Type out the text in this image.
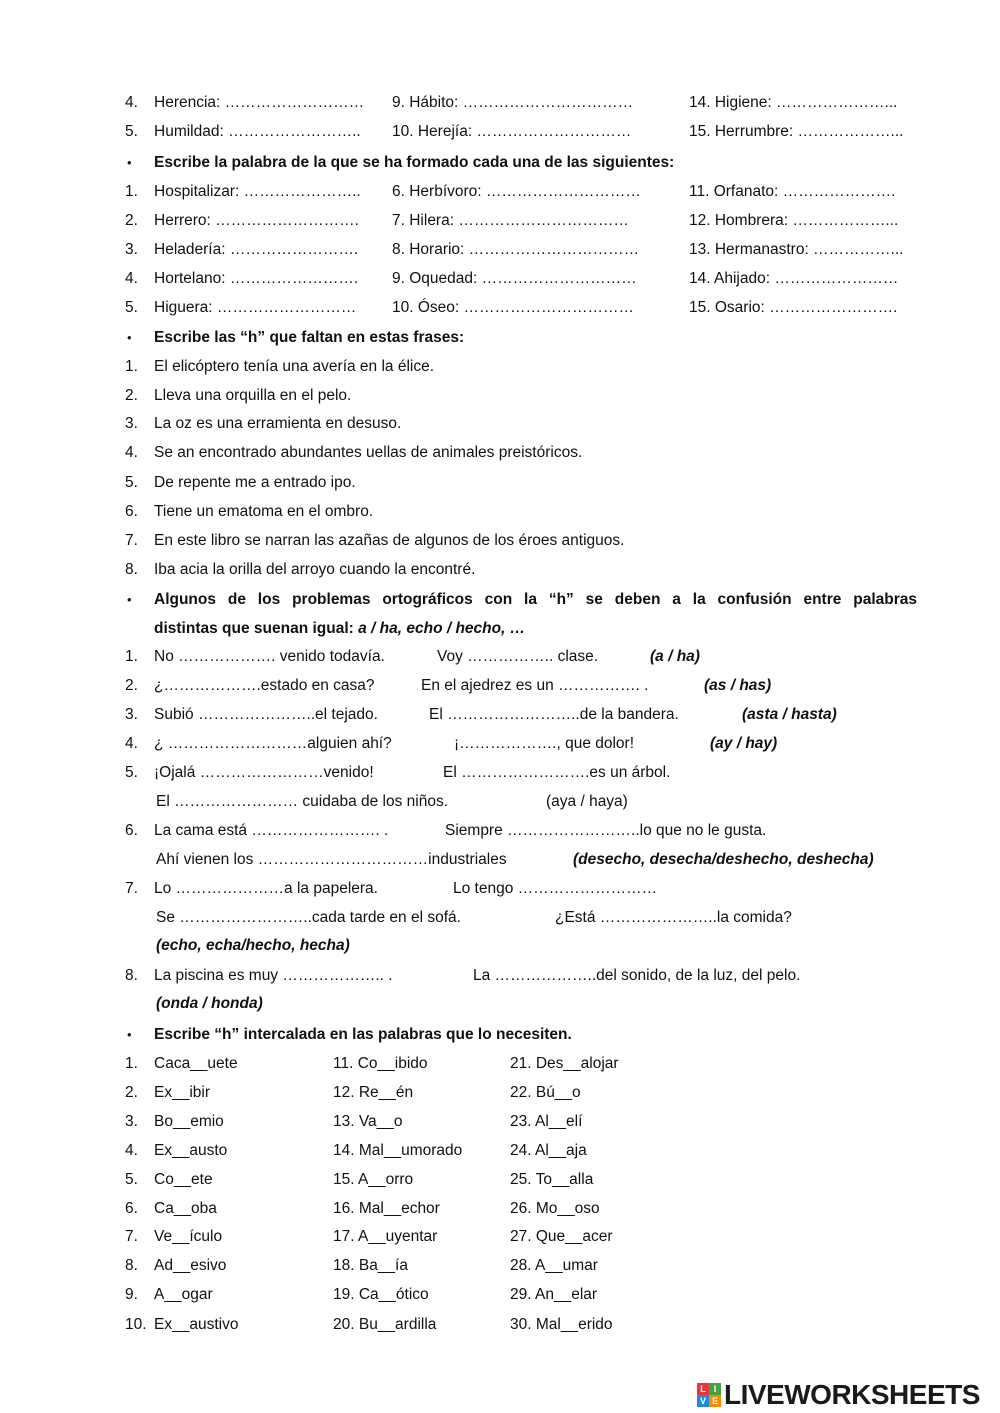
4. Herencia: ……………………… 9. Hábito: ……………………………	14. Higiene: …………………...
5. Humildad: …………………….. 10. Herejía: …………………………	15. Herrumbre: ………………...
• Escribe la palabra de la que se ha formado cada una de las siguientes:
1. Hospitalizar: ………………….. 6. Herbívoro: …………………………	11. Orfanato: ………………….
2. Herrero: ………………………. 7. Hilera: ……………………………	12. Hombrera: ………………...
3. Heladería: ……………………. 8. Horario: ……………………………	13. Hermanastro: ……………...
4. Hortelano: ……………………. 9. Oquedad: …………………………	14. Ahijado: ……………………
5. Higuera: ……………………… 10. Óseo: ……………………………	15. Osario: …………………….
• Escribe las “h” que faltan en estas frases:
1. El elicóptero tenía una avería en la élice.
2. Lleva una orquilla en el pelo.
3. La oz es una erramienta en desuso.
4. Se an encontrado abundantes uellas de animales preistóricos.
5. De repente me a entrado ipo.
6. Tiene un ematoma en el ombro.
7. En este libro se narran las azañas de algunos de los éroes antiguos.
8. Iba acia la orilla del arroyo cuando la encontré.
• Algunos de los problemas ortográficos con la “h” se deben a la confusión entre palabras
distintas que suenan igual: a / ha, echo / hecho, …
1. No ………………. venido todavía.	Voy …………….. clase.	(a / ha)
2. ¿……………….estado en casa?	En el ajedrez es un ……………. .	(as / has)
3. Subió …………………..el tejado.	El ……………………..de la bandera.	(asta / hasta)
4. ¿ ………………………alguien ahí?	¡………………., que dolor!	(ay / hay)
5. ¡Ojalá ……………………venido!	El …………………….es un árbol.
El …………………… cuidaba de los niños.	(aya / haya)
6. La cama está ……………………. .	Siempre ……………………..lo que no le gusta.
Ahí vienen los ……………………………industriales	(desecho, desecha/deshecho, deshecha)
7. Lo …………………a la papelera.	Lo tengo ………………………
Se ……………………..cada tarde en el sofá.	¿Está …………………..la comida?
(echo, echa/hecho, hecha)
8. La piscina es muy ……………….. .	La ………………..del sonido, de la luz, del pelo.
(onda / honda)
• Escribe “h” intercalada en las palabras que lo necesiten.
1. Caca__uete	11. Co__ibido	21. Des__alojar
2. Ex__ibir	12. Re__én	22. Bú__o
3. Bo__emio	13. Va__o	23. Al__elí
4. Ex__austo	14. Mal__umorado	24. Al__aja
5. Co__ete	15. A__orro	25. To__alla
6. Ca__oba	16. Mal__echor	26. Mo__oso
7. Ve__ículo	17. A__uyentar	27. Que__acer
8. Ad__esivo	18. Ba__ía	28. A__umar
9. A__ogar	19. Ca__ótico	29. An__elar
10. Ex__austivo	20. Bu__ardilla	30. Mal__erido
L I
V E LIVEWORKSHEETS
